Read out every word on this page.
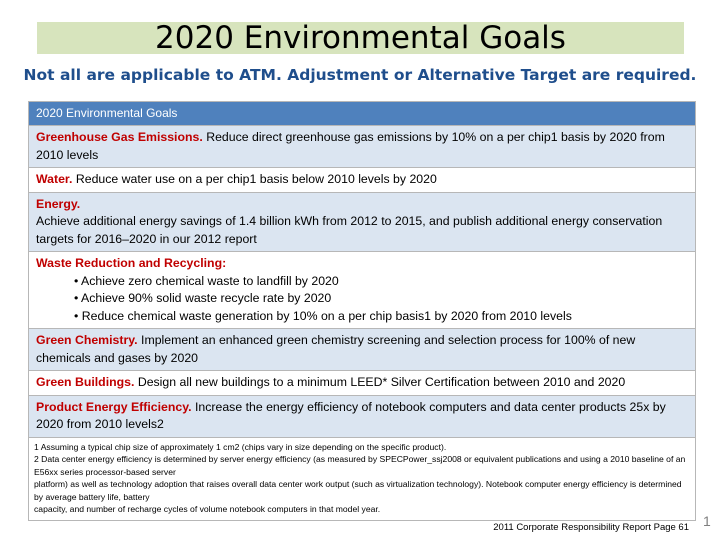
2020 Environmental Goals
Not all are applicable to ATM. Adjustment or Alternative Target are required.
2020 Environmental Goals
Greenhouse Gas Emissions. Reduce direct greenhouse gas emissions by 10% on a per chip1 basis by 2020 from 2010 levels
Water. Reduce water use on a per chip1 basis below 2010 levels by 2020
Energy.
Achieve additional energy savings of 1.4 billion kWh from 2012 to 2015, and publish additional energy conservation targets for 2016–2020 in our 2012 report
Waste Reduction and Recycling:
• Achieve zero chemical waste to landfill by 2020
• Achieve 90% solid waste recycle rate by 2020
• Reduce chemical waste generation by 10% on a per chip basis1 by 2020 from 2010 levels
Green Chemistry. Implement an enhanced green chemistry screening and selection process for 100% of new chemicals and gases by 2020
Green Buildings. Design all new buildings to a minimum LEED* Silver Certification between 2010 and 2020
Product Energy Efficiency. Increase the energy efficiency of notebook computers and data center products 25x by 2020 from 2010 levels2
1 Assuming a typical chip size of approximately 1 cm2 (chips vary in size depending on the specific product).
2 Data center energy efficiency is determined by server energy efficiency (as measured by SPECPower_ssj2008 or equivalent publications and using a 2010 baseline of an E56xx series processor-based server
platform) as well as technology adoption that raises overall data center work output (such as virtualization technology). Notebook computer energy efficiency is determined by average battery life, battery
capacity, and number of recharge cycles of volume notebook computers in that model year.
2011 Corporate Responsibility Report Page 61 1
